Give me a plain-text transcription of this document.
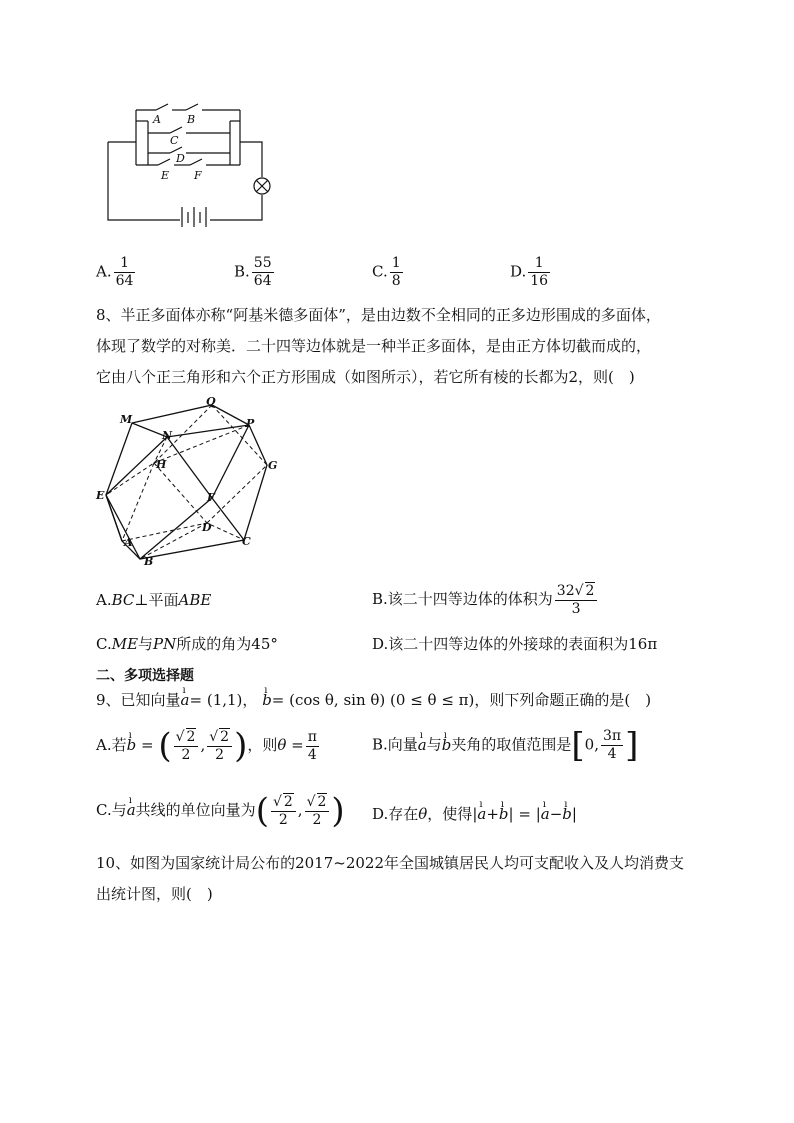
A B
C
D
E F
A. $\frac{1}{64}$	B. $\frac{55}{64}$	C. $\frac{1}{8}$	D. $\frac{1}{16}$
8、半正多面体亦称“阿基米德多面体”，是由边数不全相同的正多边形围成的多面体，
体现了数学的对称美．二十四等边体就是一种半正多面体，是由正方体切截而成的，
它由八个正三角形和六个正方形围成（如图所示），若它所有棱的长都为2，则(　)
M
Q
P
N
H	G
E	F
D
A	C
B
A.BC⊥平面ABE	B.该二十四等边体的体积为 $\frac{32√ 2}{3}$
C.ME与PN所成的角为45°	D.该二十四等边体的外接球的表面积为16π
二、多项选择题
9、已知向量ı a= (1,1)， ı b= (cos θ, sin θ) (0 ≤ θ ≤ π)，则下列命题正确的是(　)
A.若ı b = ( $\frac{√ 2}{2}$ , $\frac{√ 2}{2}$ )，则$\theta = \frac{\pi}{4}$	B.向量ı a与ı b夹角的取值范围是[0, $\frac{3\pi}{4}$ ]
C.与ı a共线的单位向量为( $\frac{√ 2}{2}$ , $\frac{√ 2}{2}$ ) D.存在θ，使得|ı a+ı b| = |ı a−ı b|
10、如图为国家统计局公布的2017~2022年全国城镇居民人均可支配收入及人均消费支
出统计图，则(　)
